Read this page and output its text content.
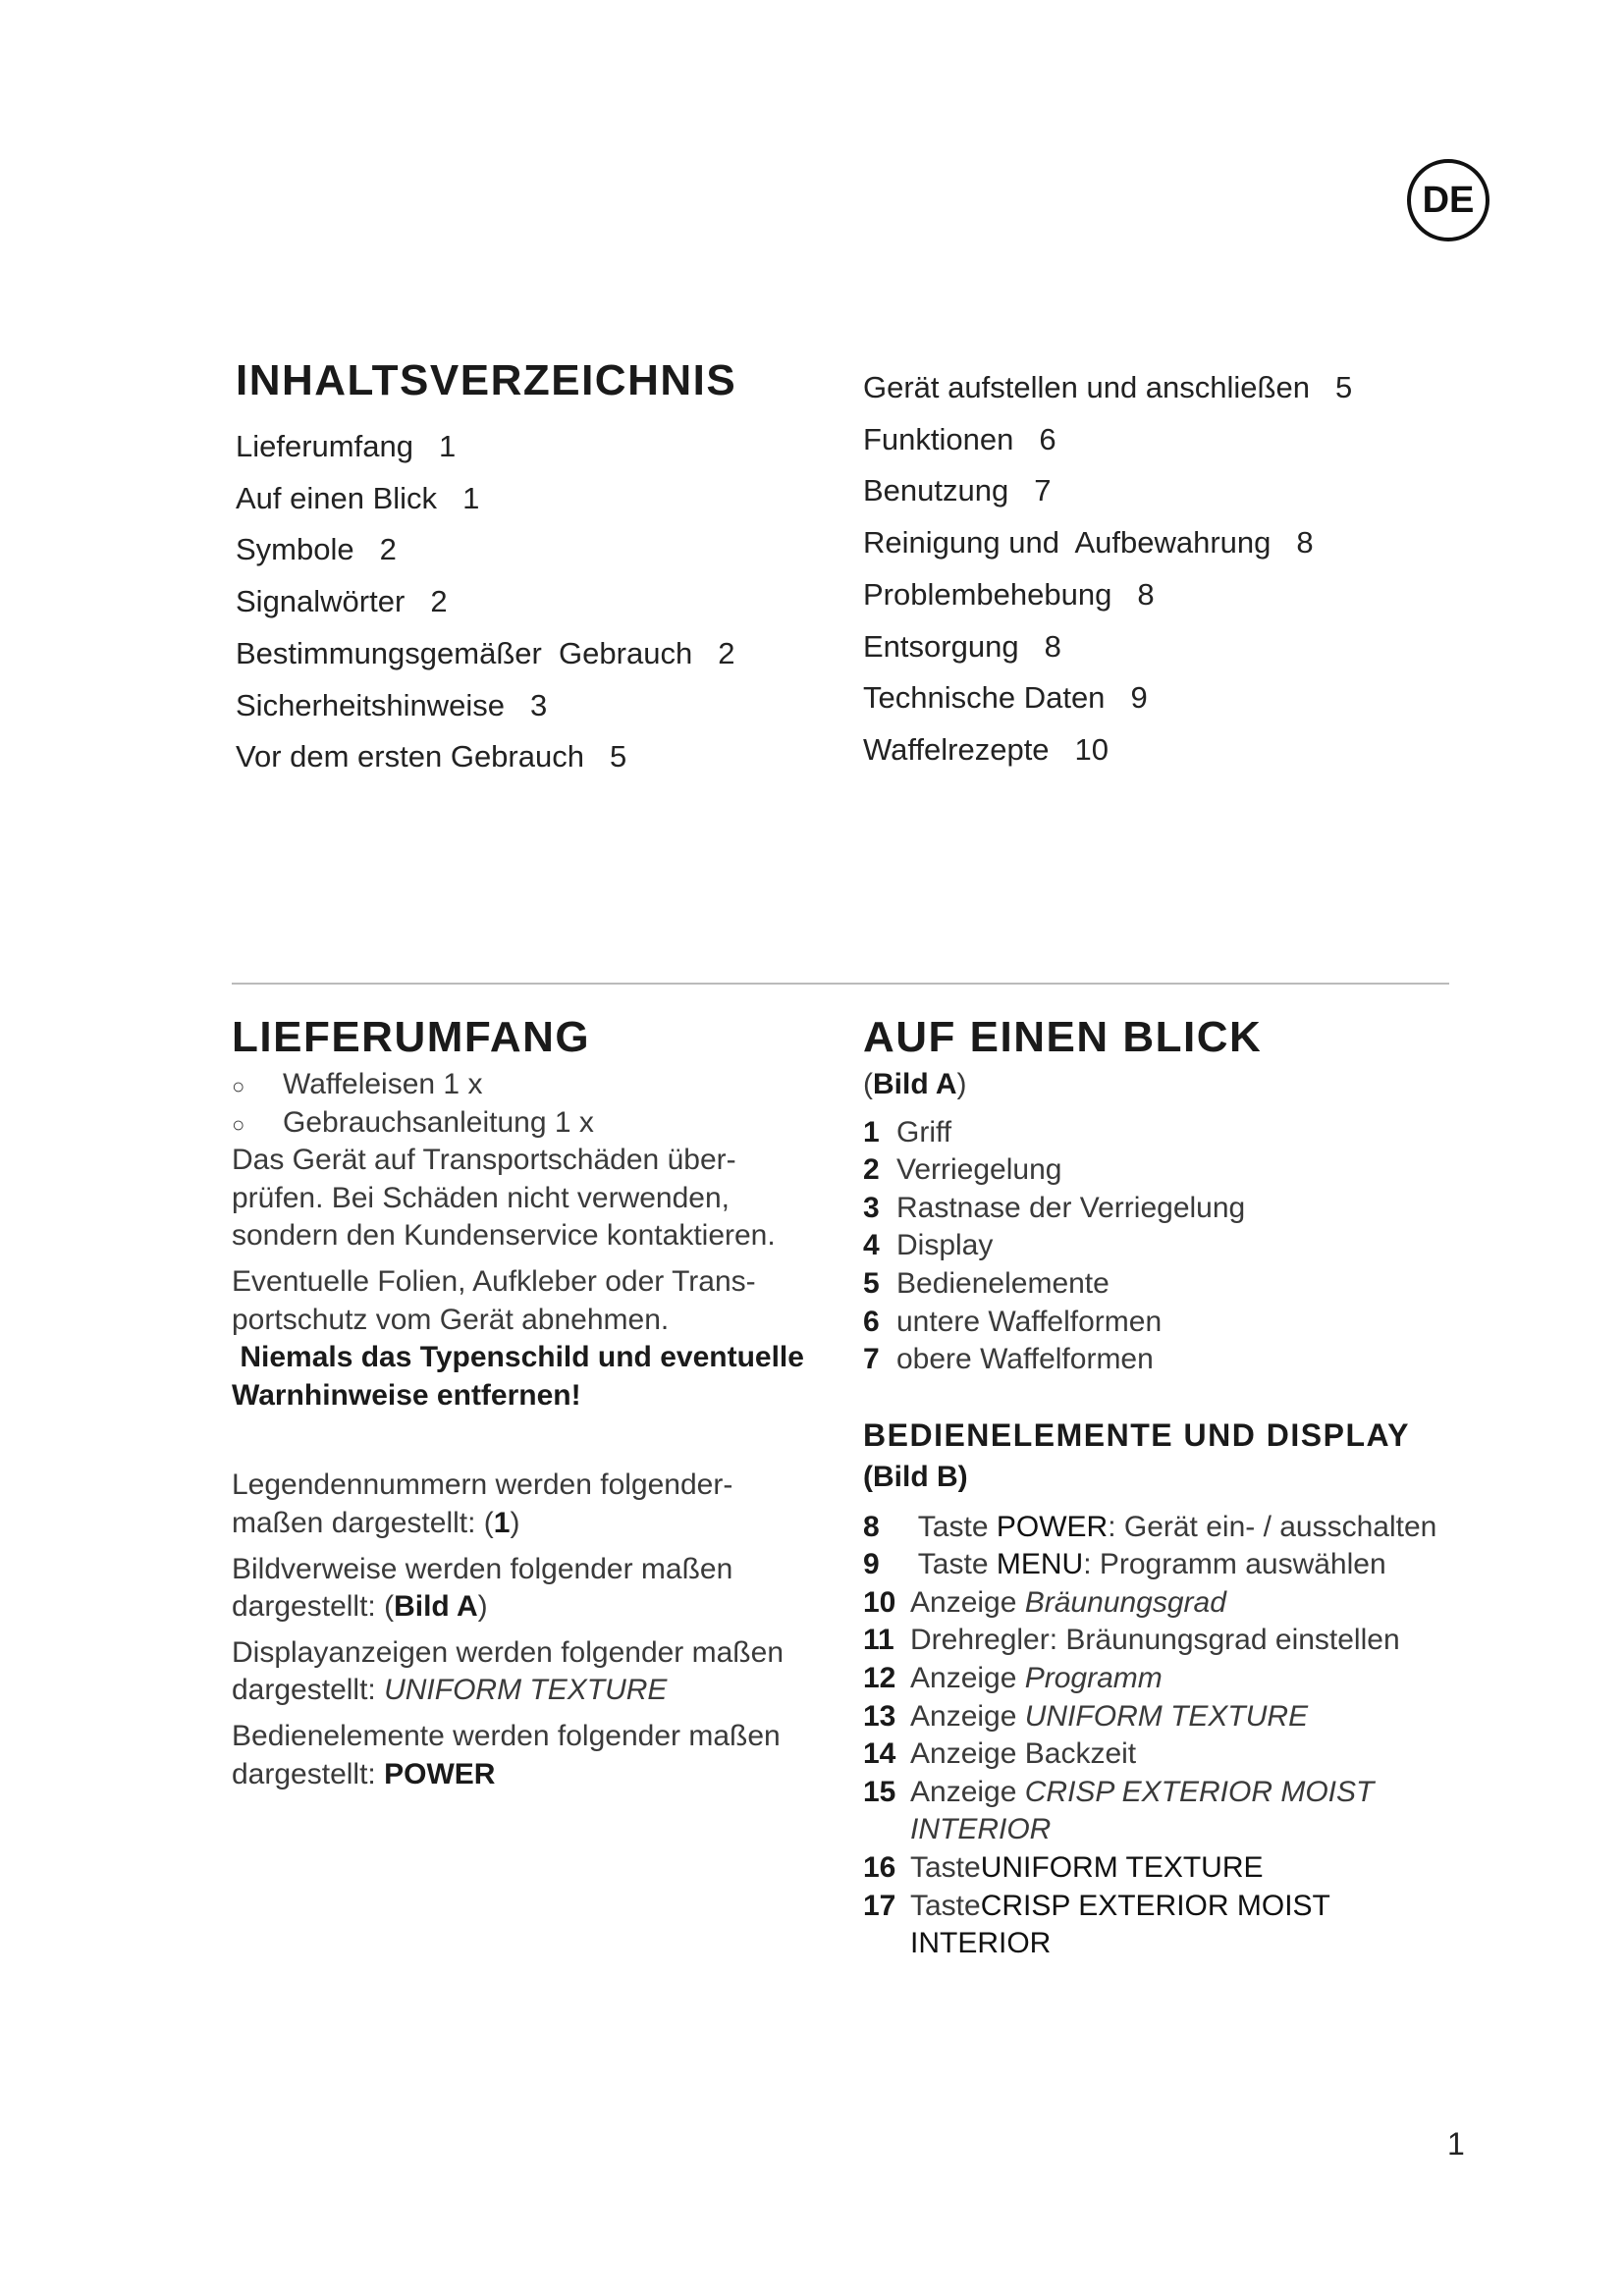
DE
INHALTSVERZEICHNIS
Lieferumfang 1
Auf einen Blick 1
Symbole 2
Signalwörter 2
Bestimmungsgemäßer  Gebrauch 2
Sicherheitshinweise 3
Vor dem ersten Gebrauch 5
Gerät aufstellen und anschließen 5
Funktionen 6
Benutzung 7
Reinigung und  Aufbewahrung 8
Problembehebung 8
Entsorgung 8
Technische Daten 9
Waffelrezepte 10
LIEFERUMFANG
○ Waffeleisen 1 x
○ Gebrauchsanleitung 1 x
Das Gerät auf Transportschäden über-
prüfen. Bei Schäden nicht verwenden,
sondern den Kundenservice kontaktieren.
Eventuelle Folien, Aufkleber oder Trans-
portschutz vom Gerät abnehmen.
Niemals das Typenschild und eventuelle
Warnhinweise entfernen!
Legendennummern werden folgender-
maßen dargestellt: (1)
Bildverweise werden folgender maßen
dargestellt: (Bild A)
Displayanzeigen werden folgender maßen
dargestellt: UNIFORM TEXTURE
Bedienelemente werden folgender maßen
dargestellt: POWER
AUF EINEN BLICK
(Bild A)
1 Griff
2 Verriegelung
3 Rastnase der Verriegelung
4 Display
5 Bedienelemente
6 untere Waffelformen
7 obere Waffelformen
BEDIENELEMENTE UND DISPLAY
(Bild B)
8 Taste POWER: Gerät ein- / ausschalten
9 Taste MENU: Programm auswählen
10 Anzeige Bräunungsgrad
11 Drehregler: Bräunungsgrad einstellen
12 Anzeige Programm
13 Anzeige UNIFORM TEXTURE
14 Anzeige Backzeit
15 Anzeige CRISP EXTERIOR MOIST
INTERIOR
16 TasteUNIFORM TEXTURE
17 TasteCRISP EXTERIOR MOIST
INTERIOR
1
